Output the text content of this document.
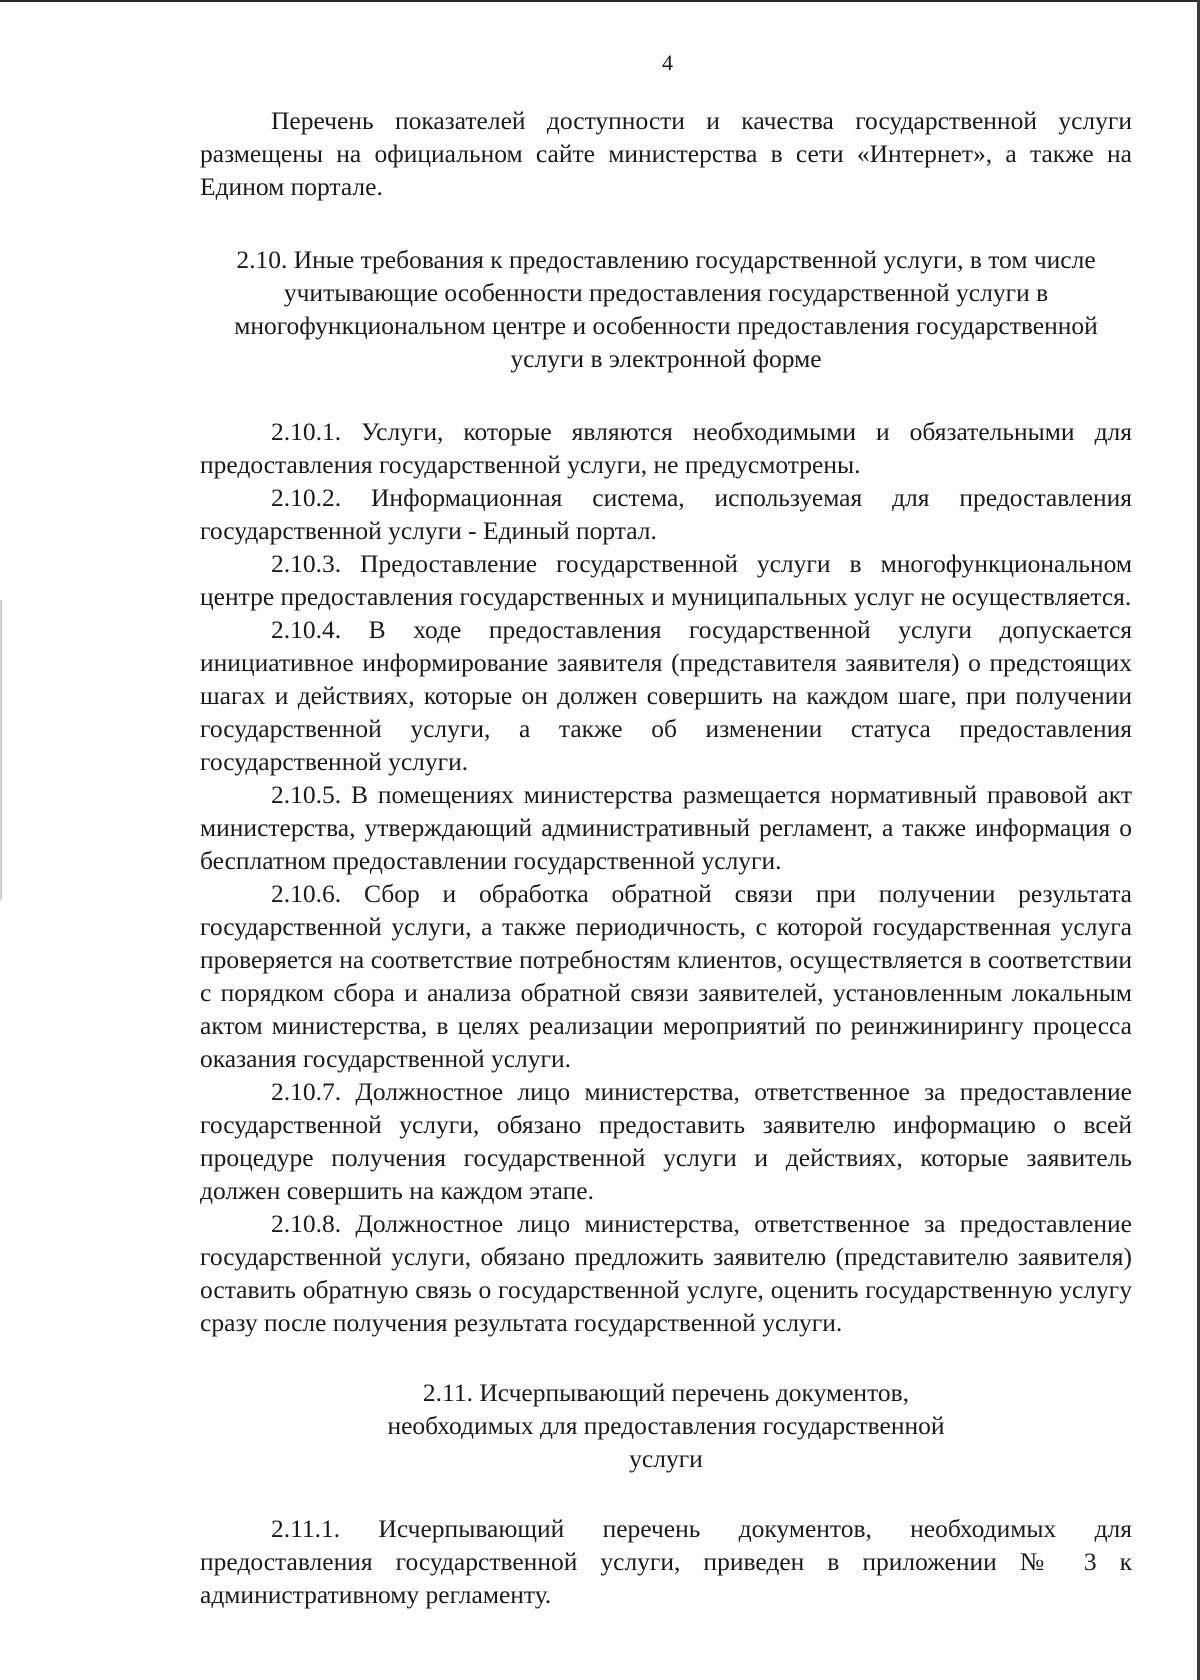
4

Перечень показателей доступности и качества государственной услуги размещены на официальном сайте министерства в сети «Интернет», а также на Едином портале.

2.10. Иные требования к предоставлению государственной услуги, в том числе учитывающие особенности предоставления государственной услуги в многофункциональном центре и особенности предоставления государственной услуги в электронной форме

2.10.1. Услуги, которые являются необходимыми и обязательными для предоставления государственной услуги, не предусмотрены.

2.10.2. Информационная система, используемая для предоставления государственной услуги - Единый портал.

2.10.3. Предоставление государственной услуги в многофункциональном центре предоставления государственных и муниципальных услуг не осуществляется.

2.10.4. В ходе предоставления государственной услуги допускается инициативное информирование заявителя (представителя заявителя) о предстоящих шагах и действиях, которые он должен совершить на каждом шаге, при получении государственной услуги, а также об изменении статуса предоставления государственной услуги.

2.10.5. В помещениях министерства размещается нормативный правовой акт министерства, утверждающий административный регламент, а также информация о бесплатном предоставлении государственной услуги.

2.10.6. Сбор и обработка обратной связи при получении результата государственной услуги, а также периодичность, с которой государственная услуга проверяется на соответствие потребностям клиентов, осуществляется в соответствии с порядком сбора и анализа обратной связи заявителей, установленным локальным актом министерства, в целях реализации мероприятий по реинжинирингу процесса оказания государственной услуги.

2.10.7. Должностное лицо министерства, ответственное за предоставление государственной услуги, обязано предоставить заявителю информацию о всей процедуре получения государственной услуги и действиях, которые заявитель должен совершить на каждом этапе.

2.10.8. Должностное лицо министерства, ответственное за предоставление государственной услуги, обязано предложить заявителю (представителю заявителя) оставить обратную связь о государственной услуге, оценить государственную услугу сразу после получения результата государственной услуги.

2.11. Исчерпывающий перечень документов, необходимых для предоставления государственной услуги

2.11.1. Исчерпывающий перечень документов, необходимых для предоставления государственной услуги, приведен в приложении № 3 к административному регламенту.
